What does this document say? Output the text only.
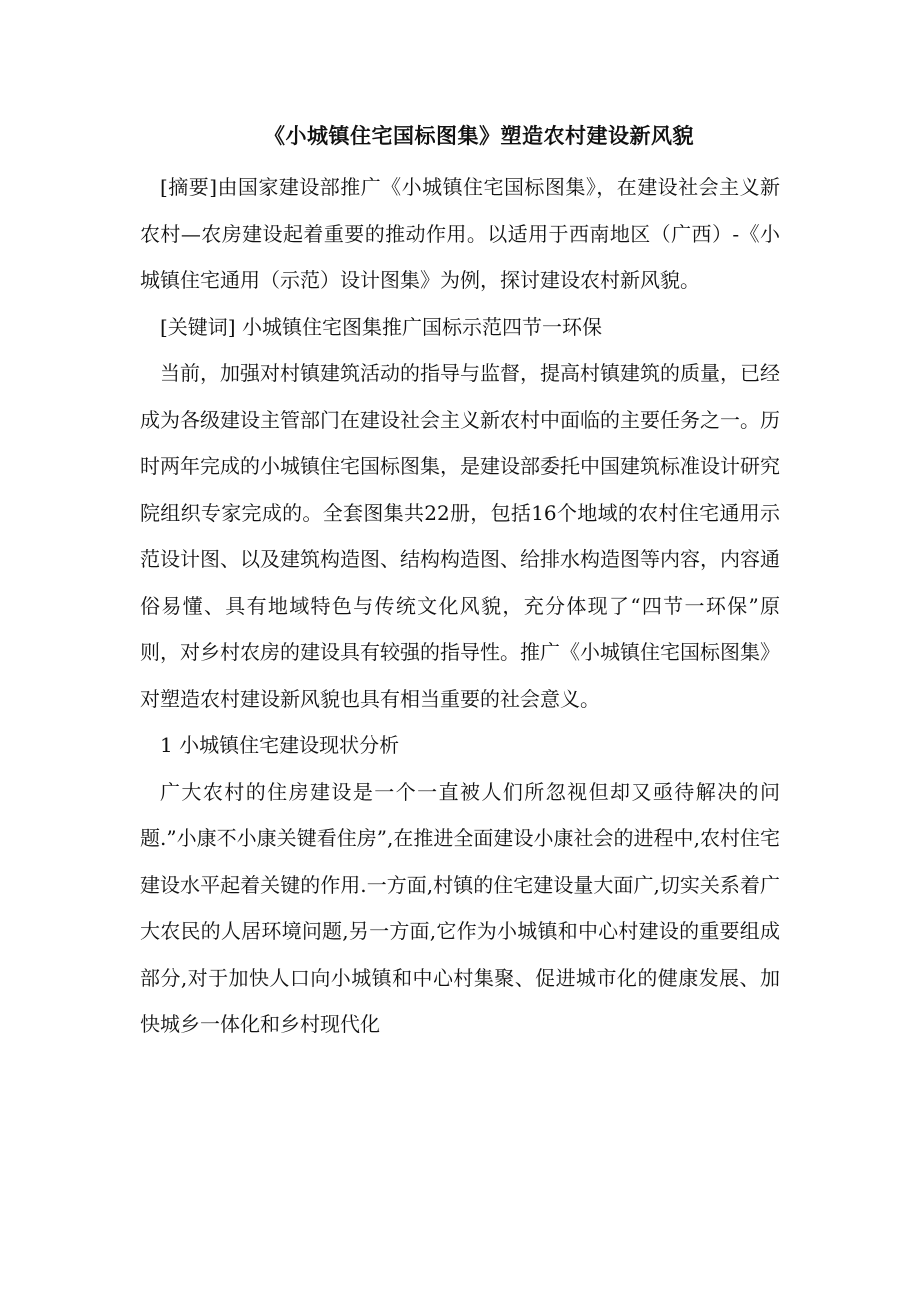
《小城镇住宅国标图集》塑造农村建设新风貌

[摘要]由国家建设部推广《小城镇住宅国标图集》，在建设社会主义新农村—农房建设起着重要的推动作用。以适用于西南地区（广西）-《小城镇住宅通用（示范）设计图集》为例，探讨建设农村新风貌。

[关键词] 小城镇住宅图集推广国标示范四节一环保

当前，加强对村镇建筑活动的指导与监督，提高村镇建筑的质量，已经成为各级建设主管部门在建设社会主义新农村中面临的主要任务之一。历时两年完成的小城镇住宅国标图集，是建设部委托中国建筑标准设计研究院组织专家完成的。全套图集共22册，包括16个地域的农村住宅通用示范设计图、以及建筑构造图、结构构造图、给排水构造图等内容，内容通俗易懂、具有地域特色与传统文化风貌，充分体现了“四节一环保”原则，对乡村农房的建设具有较强的指导性。推广《小城镇住宅国标图集》对塑造农村建设新风貌也具有相当重要的社会意义。

1 小城镇住宅建设现状分析

广大农村的住房建设是一个一直被人们所忽视但却又亟待解决的问题.”小康不小康关键看住房”,在推进全面建设小康社会的进程中,农村住宅建设水平起着关键的作用.一方面,村镇的住宅建设量大面广,切实关系着广大农民的人居环境问题,另一方面,它作为小城镇和中心村建设的重要组成部分,对于加快人口向小城镇和中心村集聚、促进城市化的健康发展、加快城乡一体化和乡村现代化
